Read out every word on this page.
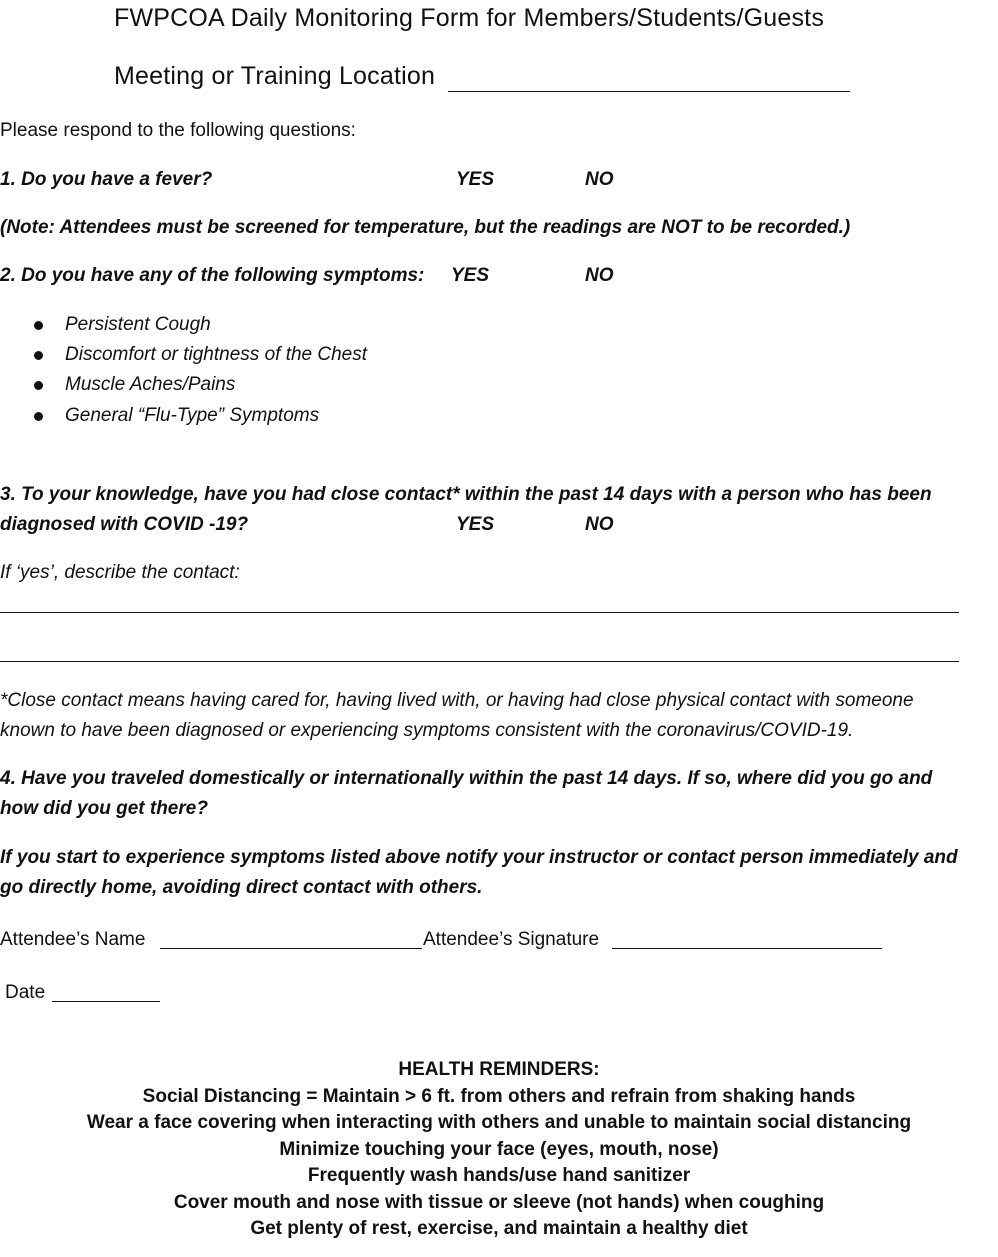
FWPCOA Daily Monitoring Form for Members/Students/Guests
Meeting or Training Location
Please respond to the following questions:
1. Do you have a fever?	YES	NO
(Note: Attendees must be screened for temperature, but the readings are NOT to be recorded.)
2. Do you have any of the following symptoms: YES	NO
Persistent Cough
Discomfort or tightness of the Chest
Muscle Aches/Pains
General “Flu-Type” Symptoms
3. To your knowledge, have you had close contact* within the past 14 days with a person who has been
diagnosed with COVID -19?	YES	NO
If ‘yes’, describe the contact:
*Close contact means having cared for, having lived with, or having had close physical contact with someone
known to have been diagnosed or experiencing symptoms consistent with the coronavirus/COVID-19.
4. Have you traveled domestically or internationally within the past 14 days. If so, where did you go and
how did you get there?
If you start to experience symptoms listed above notify your instructor or contact person immediately and
go directly home, avoiding direct contact with others.
Attendee’s Name	Attendee’s Signature
Date
HEALTH REMINDERS:
Social Distancing = Maintain > 6 ft. from others and refrain from shaking hands
Wear a face covering when interacting with others and unable to maintain social distancing
Minimize touching your face (eyes, mouth, nose)
Frequently wash hands/use hand sanitizer
Cover mouth and nose with tissue or sleeve (not hands) when coughing
Get plenty of rest, exercise, and maintain a healthy diet
